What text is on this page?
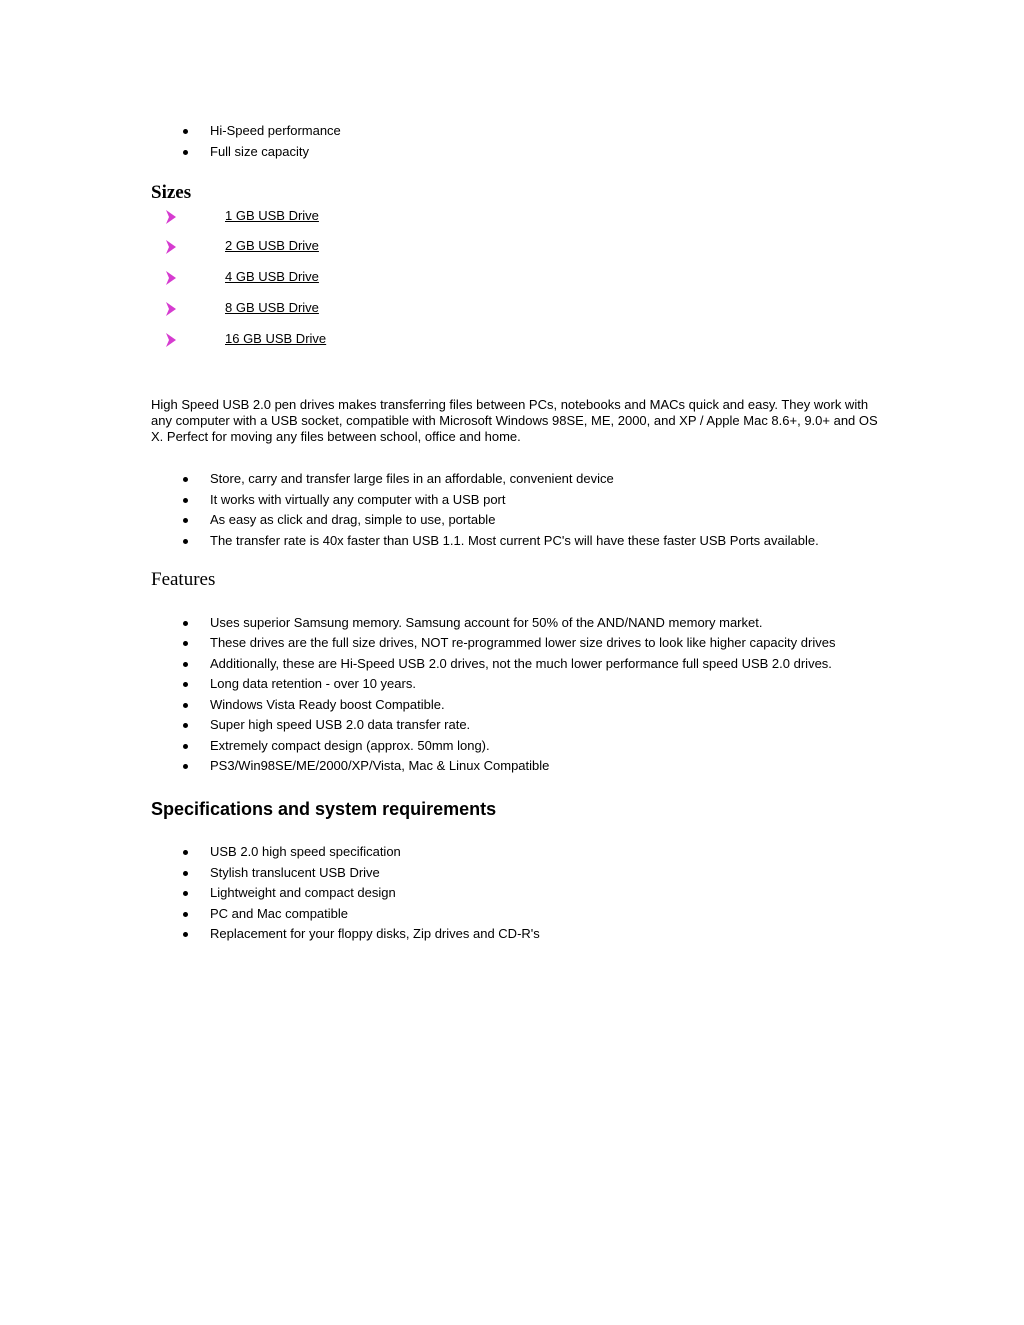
Hi-Speed performance
Full size capacity
Sizes
1 GB USB Drive
2 GB USB Drive
4 GB USB Drive
8 GB USB Drive
16 GB USB Drive

High Speed USB 2.0 pen drives makes transferring files between PCs, notebooks and MACs quick and easy. They work with any computer with a USB socket, compatible with Microsoft Windows 98SE, ME, 2000, and XP / Apple Mac 8.6+, 9.0+ and OS X. Perfect for moving any files between school, office and home.

Store, carry and transfer large files in an affordable, convenient device
It works with virtually any computer with a USB port
As easy as click and drag, simple to use, portable
The transfer rate is 40x faster than USB 1.1. Most current PC's will have these faster USB Ports available.
Features
Uses superior Samsung memory. Samsung account for 50% of the AND/NAND memory market.
These drives are the full size drives, NOT re-programmed lower size drives to look like higher capacity drives
Additionally, these are Hi-Speed USB 2.0 drives, not the much lower performance full speed USB 2.0 drives.
Long data retention - over 10 years.
Windows Vista Ready boost Compatible.
Super high speed USB 2.0 data transfer rate.
Extremely compact design (approx. 50mm long).
PS3/Win98SE/ME/2000/XP/Vista, Mac & Linux Compatible
Specifications and system requirements
USB 2.0 high speed specification
Stylish translucent USB Drive
Lightweight and compact design
PC and Mac compatible
Replacement for your floppy disks, Zip drives and CD-R's
